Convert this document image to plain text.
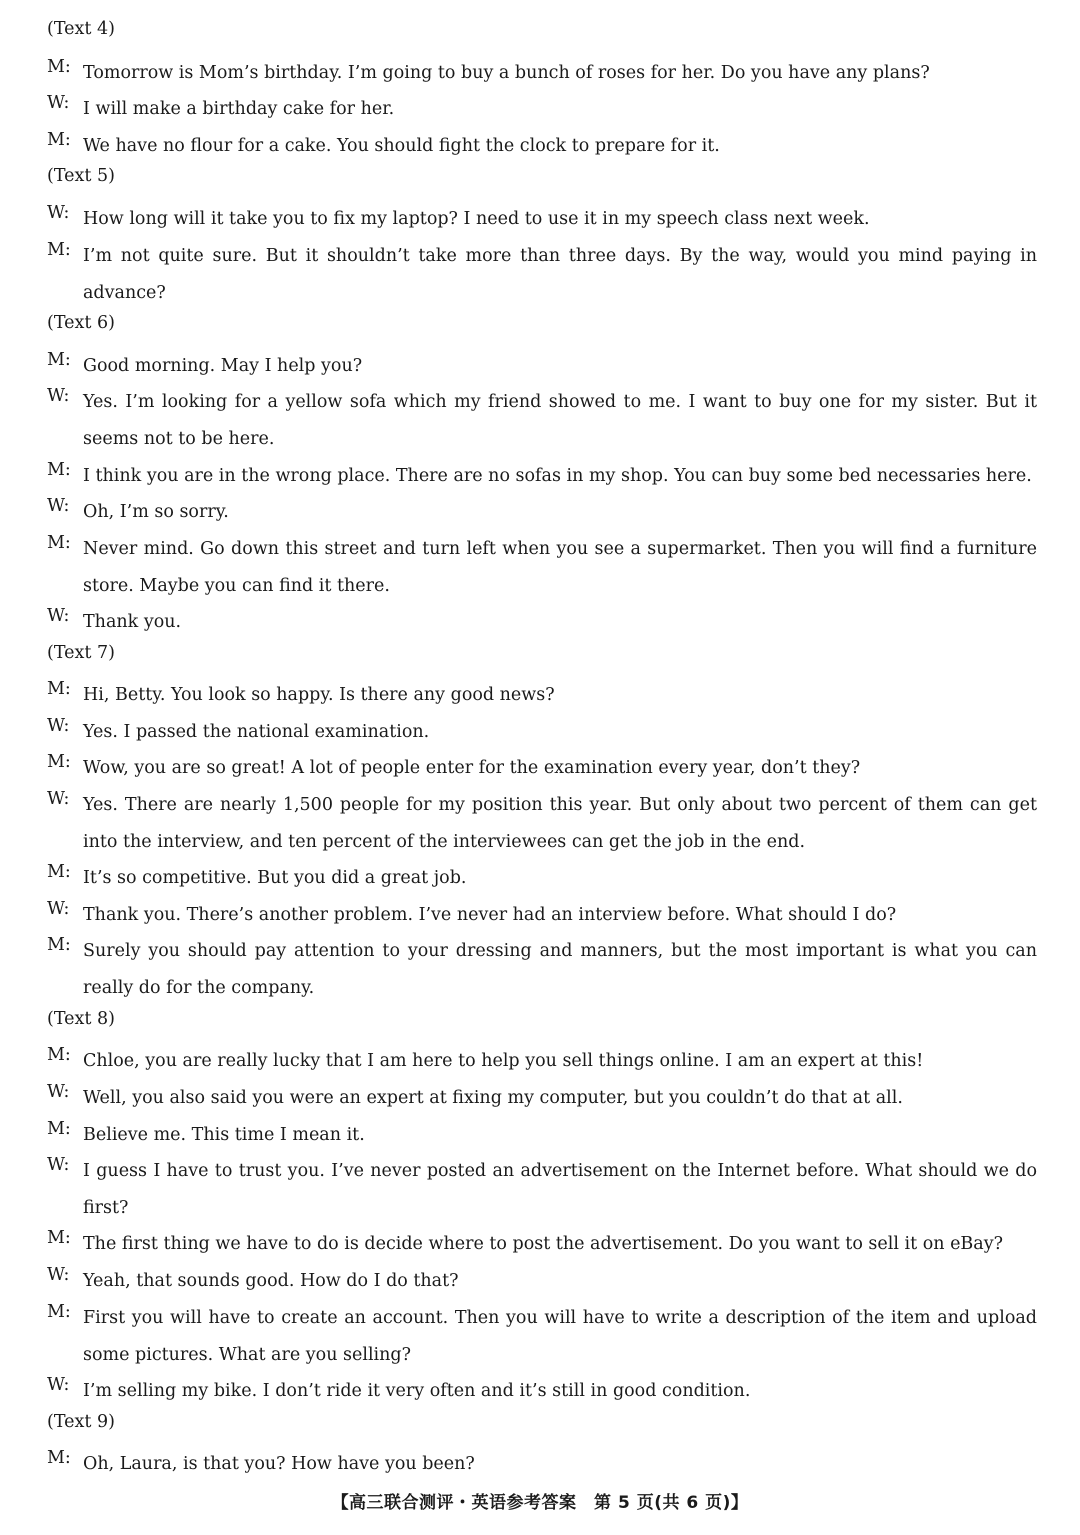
(Text 4)
M: Tomorrow is Mom’s birthday. I’m going to buy a bunch of roses for her. Do you have any plans?
W: I will make a birthday cake for her.
M: We have no flour for a cake. You should fight the clock to prepare for it.
(Text 5)
W: How long will it take you to fix my laptop? I need to use it in my speech class next week.
M: I’m not quite sure. But it shouldn’t take more than three days. By the way, would you mind paying in advance?
(Text 6)
M: Good morning. May I help you?
W: Yes. I’m looking for a yellow sofa which my friend showed to me. I want to buy one for my sister. But it seems not to be here.
M: I think you are in the wrong place. There are no sofas in my shop. You can buy some bed necessaries here.
W: Oh, I’m so sorry.
M: Never mind. Go down this street and turn left when you see a supermarket. Then you will find a furniture store. Maybe you can find it there.
W: Thank you.
(Text 7)
M: Hi, Betty. You look so happy. Is there any good news?
W: Yes. I passed the national examination.
M: Wow, you are so great! A lot of people enter for the examination every year, don’t they?
W: Yes. There are nearly 1,500 people for my position this year. But only about two percent of them can get into the interview, and ten percent of the interviewees can get the job in the end.
M: It’s so competitive. But you did a great job.
W: Thank you. There’s another problem. I’ve never had an interview before. What should I do?
M: Surely you should pay attention to your dressing and manners, but the most important is what you can really do for the company.
(Text 8)
M: Chloe, you are really lucky that I am here to help you sell things online. I am an expert at this!
W: Well, you also said you were an expert at fixing my computer, but you couldn’t do that at all.
M: Believe me. This time I mean it.
W: I guess I have to trust you. I’ve never posted an advertisement on the Internet before. What should we do first?
M: The first thing we have to do is decide where to post the advertisement. Do you want to sell it on eBay?
W: Yeah, that sounds good. How do I do that?
M: First you will have to create an account. Then you will have to write a description of the item and upload some pictures. What are you selling?
W: I’m selling my bike. I don’t ride it very often and it’s still in good condition.
(Text 9)
M: Oh, Laura, is that you? How have you been?
【高三联合测评・英语参考答案　第 5 页(共 6 页)】
